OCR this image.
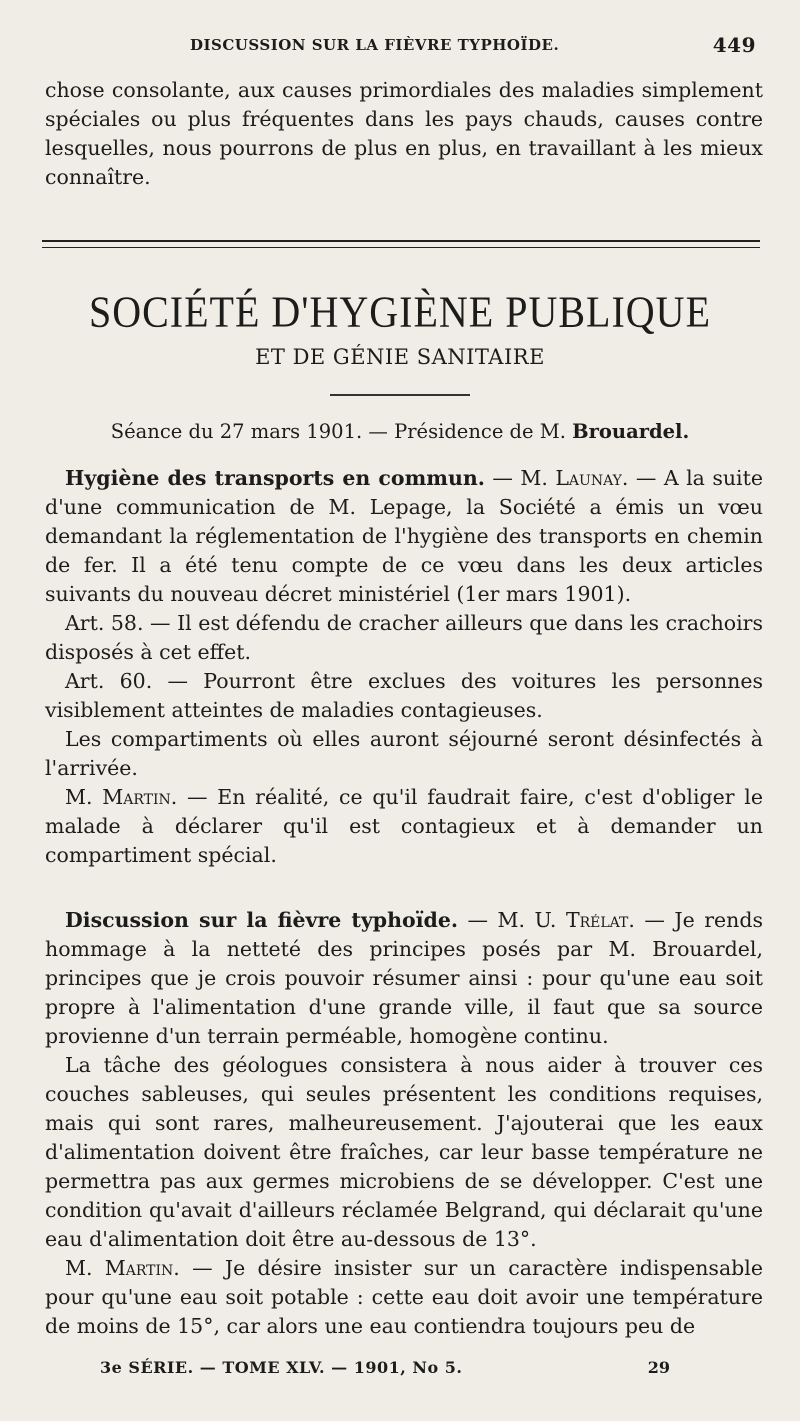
DISCUSSION SUR LA FIÈVRE TYPHOÏDE.	449

chose consolante, aux causes primordiales des maladies simplement spéciales ou plus fréquentes dans les pays chauds, causes contre lesquelles, nous pourrons de plus en plus, en travaillant à les mieux connaître.

SOCIÉTÉ D'HYGIÈNE PUBLIQUE
ET DE GÉNIE SANITAIRE
Séance du 27 mars 1901. — Présidence de M. Brouardel.

Hygiène des transports en commun. — M. Launay. — A la suite d'une communication de M. Lepage, la Société a émis un vœu demandant la réglementation de l'hygiène des transports en chemin de fer. Il a été tenu compte de ce vœu dans les deux articles suivants du nouveau décret ministériel (1er mars 1901).

Art. 58. — Il est défendu de cracher ailleurs que dans les crachoirs disposés à cet effet.

Art. 60. — Pourront être exclues des voitures les personnes visiblement atteintes de maladies contagieuses.

Les compartiments où elles auront séjourné seront désinfectés à l'arrivée.

M. Martin. — En réalité, ce qu'il faudrait faire, c'est d'obliger le malade à déclarer qu'il est contagieux et à demander un compartiment spécial.

Discussion sur la fièvre typhoïde. — M. U. Trélat. — Je rends hommage à la netteté des principes posés par M. Brouardel, principes que je crois pouvoir résumer ainsi : pour qu'une eau soit propre à l'alimentation d'une grande ville, il faut que sa source provienne d'un terrain perméable, homogène continu.

La tâche des géologues consistera à nous aider à trouver ces couches sableuses, qui seules présentent les conditions requises, mais qui sont rares, malheureusement. J'ajouterai que les eaux d'alimentation doivent être fraîches, car leur basse température ne permettra pas aux germes microbiens de se développer. C'est une condition qu'avait d'ailleurs réclamée Belgrand, qui déclarait qu'une eau d'alimentation doit être au-dessous de 13°.

M. Martin. — Je désire insister sur un caractère indispensable pour qu'une eau soit potable : cette eau doit avoir une température de moins de 15°, car alors une eau contiendra toujours peu de

3e SÉRIE. — TOME XLV. — 1901, No 5.	29
